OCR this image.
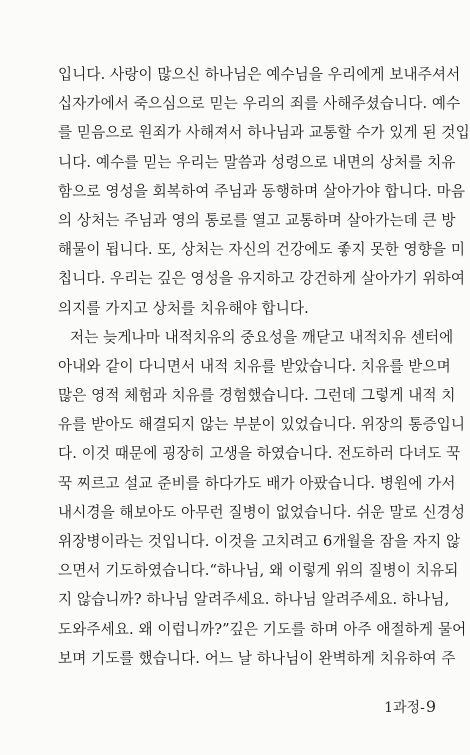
입니다. 사랑이 많으신 하나님은 예수님을 우리에게 보내주셔서
십자가에서 죽으심으로 믿는 우리의 죄를 사해주셨습니다. 예수
를 믿음으로 원죄가 사해져서 하나님과 교통할 수가 있게 된 것입
니다. 예수를 믿는 우리는 말씀과 성령으로 내면의 상처를 치유
함으로 영성을 회복하여 주님과 동행하며 살아가야 합니다. 마음
의 상처는 주님과 영의 통로를 열고 교통하며 살아가는데 큰 방
해물이 됩니다. 또, 상처는 자신의 건강에도 좋지 못한 영향을 미
칩니다. 우리는 깊은 영성을 유지하고 강건하게 살아가기 위하여
의지를 가지고 상처를 치유해야 합니다.
저는 늦게나마 내적치유의 중요성을 깨닫고 내적치유 센터에
아내와 같이 다니면서 내적 치유를 받았습니다. 치유를 받으며
많은 영적 체험과 치유를 경험했습니다. 그런데 그렇게 내적 치
유를 받아도 해결되지 않는 부분이 있었습니다. 위장의 통증입니
다. 이것 때문에 굉장히 고생을 하였습니다. 전도하러 다녀도 꾹
꾹 찌르고 설교 준비를 하다가도 배가 아팠습니다. 병원에 가서
내시경을 해보아도 아무런 질병이 없었습니다. 쉬운 말로 신경성
위장병이라는 것입니다. 이것을 고치려고 6개월을 잠을 자지 않
으면서 기도하였습니다.“하나님, 왜 이렇게 위의 질병이 치유되
지 않습니까? 하나님 알려주세요. 하나님 알려주세요. 하나님,
도와주세요. 왜 이럽니까?”깊은 기도를 하며 아주 애절하게 물어
보며 기도를 했습니다. 어느 날 하나님이 완벽하게 치유하여 주
1과정-9
